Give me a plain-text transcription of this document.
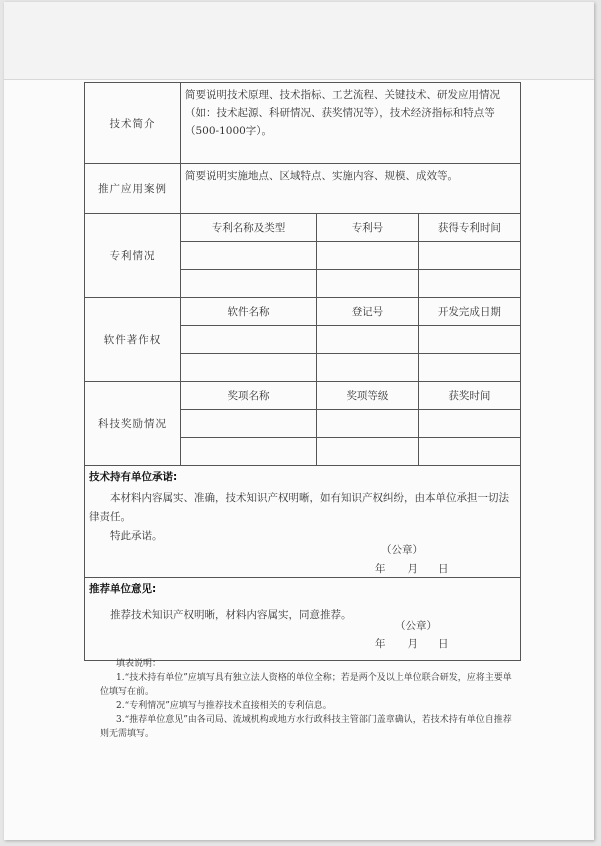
技术简介	简要说明技术原理、技术指标、工艺流程、关键技术、研发应用情况（如：技术起源、科研情况、获奖情况等），技术经济指标和特点等（500-1000字）。
推广应用案例	简要说明实施地点、区域特点、实施内容、规模、成效等。
专利情况	
专利名称及类型	专利号	获得专利时间

软件著作权	
软件名称	登记号	开发完成日期

科技奖励情况	
奖项名称	奖项等级	获奖时间

技术持有单位承诺:

本材料内容属实、准确，技术知识产权明晰，如有知识产权纠纷，由本单位承担一切法律责任。

特此承诺。

（公章）
年 月 日

推荐单位意见:

推荐技术知识产权明晰，材料内容属实，同意推荐。

（公章）
年 月 日

填表说明：

1.“技术持有单位”应填写具有独立法人资格的单位全称；若是两个及以上单位联合研发，应将主要单位填写在前。

2.“专利情况”应填写与推荐技术直接相关的专利信息。

3.“推荐单位意见”由各司局、流域机构或地方水行政科技主管部门盖章确认，若技术持有单位自推荐则无需填写。
